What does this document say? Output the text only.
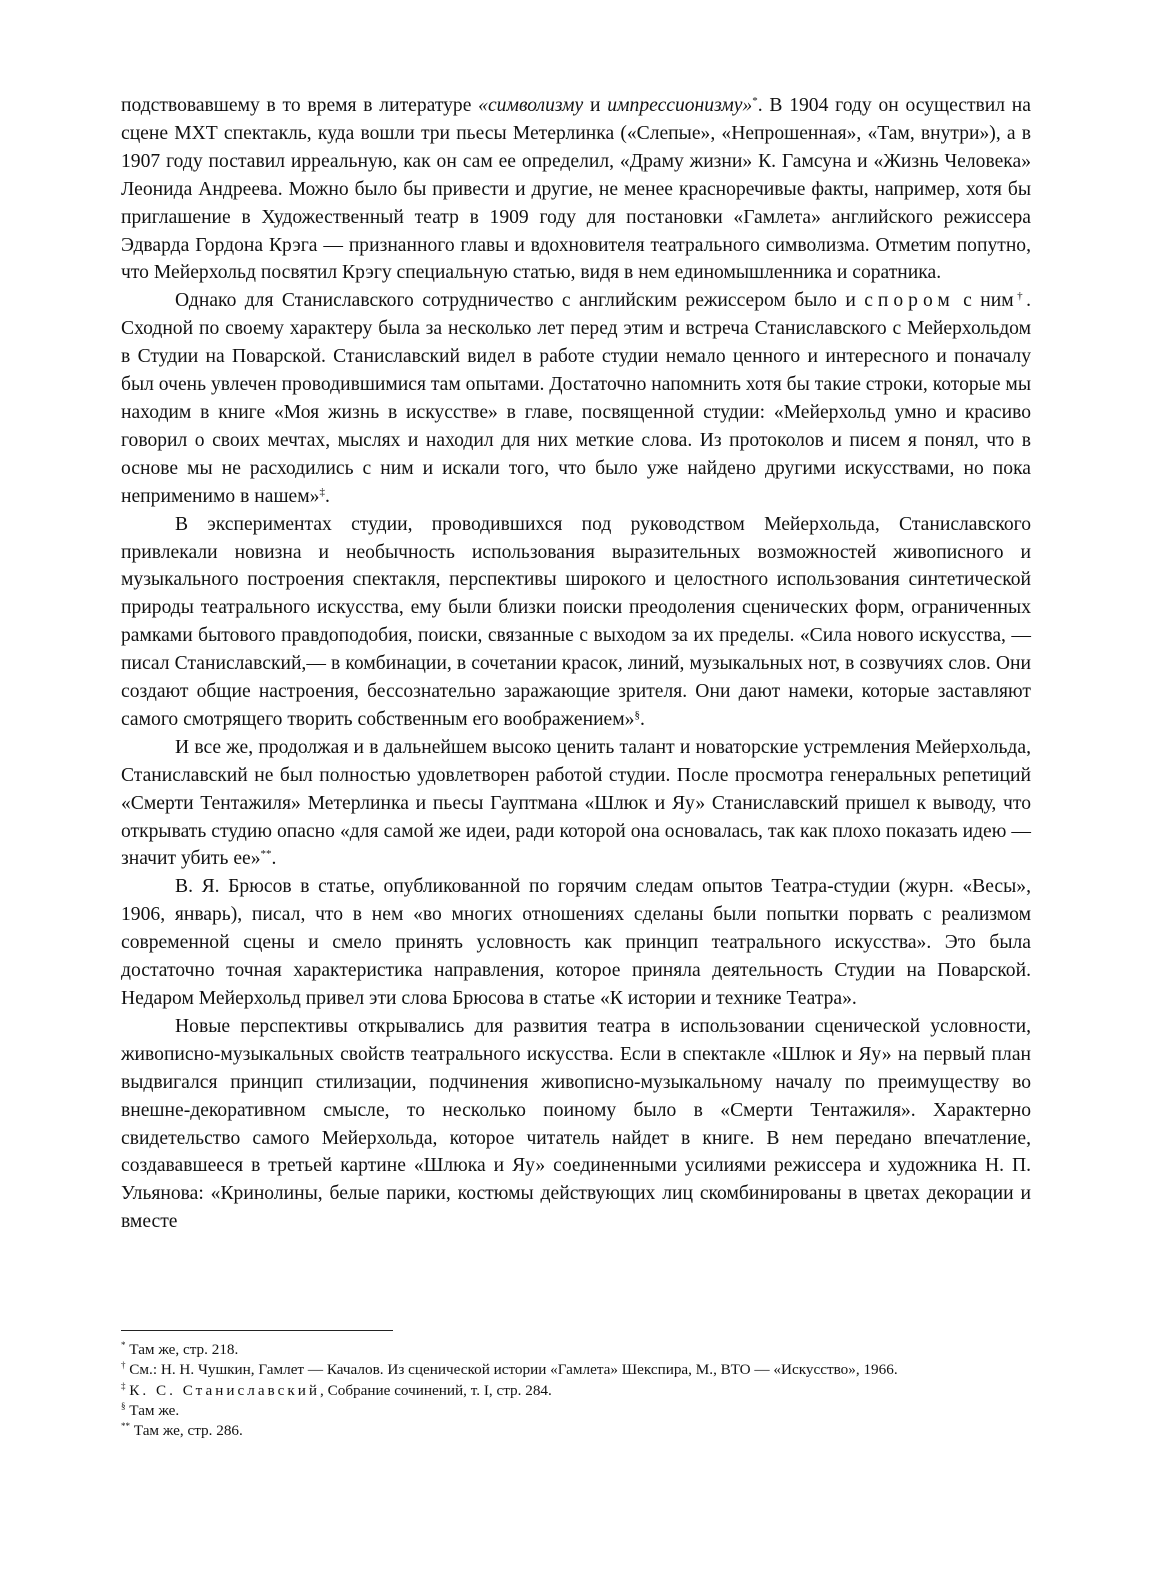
подствовавшему в то время в литературе «символизму и импрессионизму»*. В 1904 году он осуществил на сцене МХТ спектакль, куда вошли три пьесы Метерлинка («Слепые», «Непрошенная», «Там, внутри»), а в 1907 году поставил ирреальную, как он сам ее определил, «Драму жизни» К. Гамсуна и «Жизнь Человека» Леонида Андреева. Можно было бы привести и другие, не менее красноречивые факты, например, хотя бы приглашение в Художественный театр в 1909 году для постановки «Гамлета» английского режиссера Эдварда Гордона Крэга — признанного главы и вдохновителя театрального символизма. Отметим попутно, что Мейерхольд посвятил Крэгу специальную статью, видя в нем единомышленника и соратника.

Однако для Станиславского сотрудничество с английским режиссером было и спором с ним†. Сходной по своему характеру была за несколько лет перед этим и встреча Станиславского с Мейерхольдом в Студии на Поварской. Станиславский видел в работе студии немало ценного и интересного и поначалу был очень увлечен проводившимися там опытами. Достаточно напомнить хотя бы такие строки, которые мы находим в книге «Моя жизнь в искусстве» в главе, посвященной студии: «Мейерхольд умно и красиво говорил о своих мечтах, мыслях и находил для них меткие слова. Из протоколов и писем я понял, что в основе мы не расходились с ним и искали того, что было уже найдено другими искусствами, но пока неприменимо в нашем»‡.

В экспериментах студии, проводившихся под руководством Мейерхольда, Станиславского привлекали новизна и необычность использования выразительных возможностей живописного и музыкального построения спектакля, перспективы широкого и целостного использования синтетической природы театрального искусства, ему были близки поиски преодоления сценических форм, ограниченных рамками бытового правдоподобия, поиски, связанные с выходом за их пределы. «Сила нового искусства, — писал Станиславский,— в комбинации, в сочетании красок, линий, музыкальных нот, в созвучиях слов. Они создают общие настроения, бессознательно заражающие зрителя. Они дают намеки, которые заставляют самого смотрящего творить собственным его воображением»§.

И все же, продолжая и в дальнейшем высоко ценить талант и новаторские устремления Мейерхольда, Станиславский не был полностью удовлетворен работой студии. После просмотра генеральных репетиций «Смерти Тентажиля» Метерлинка и пьесы Гауптмана «Шлюк и Яу» Станиславский пришел к выводу, что открывать студию опасно «для самой же идеи, ради которой она основалась, так как плохо показать идею — значит убить ее»**.

В. Я. Брюсов в статье, опубликованной по горячим следам опытов Театра-студии (журн. «Весы», 1906, январь), писал, что в нем «во многих отношениях сделаны были попытки порвать с реализмом современной сцены и смело принять условность как принцип театрального искусства». Это была достаточно точная характеристика направления, которое приняла деятельность Студии на Поварской. Недаром Мейерхольд привел эти слова Брюсова в статье «К истории и технике Театра».

Новые перспективы открывались для развития театра в использовании сценической условности, живописно-музыкальных свойств театрального искусства. Если в спектакле «Шлюк и Яу» на первый план выдвигался принцип стилизации, подчинения живописно-музыкальному началу по преимуществу во внешне-декоративном смысле, то несколько поиному было в «Смерти Тентажиля». Характерно свидетельство самого Мейерхольда, которое читатель найдет в книге. В нем передано впечатление, создававшееся в третьей картине «Шлюка и Яу» соединенными усилиями режиссера и художника Н. П. Ульянова: «Кринолины, белые парики, костюмы действующих лиц скомбинированы в цветах декорации и вместе

* Там же, стр. 218.
† См.: Н. Н. Чушкин, Гамлет — Качалов. Из сценической истории «Гамлета» Шекспира, М., ВТО — «Искусство», 1966.
‡ К. С. Станиславский, Собрание сочинений, т. I, стр. 284.
§ Там же.
** Там же, стр. 286.
